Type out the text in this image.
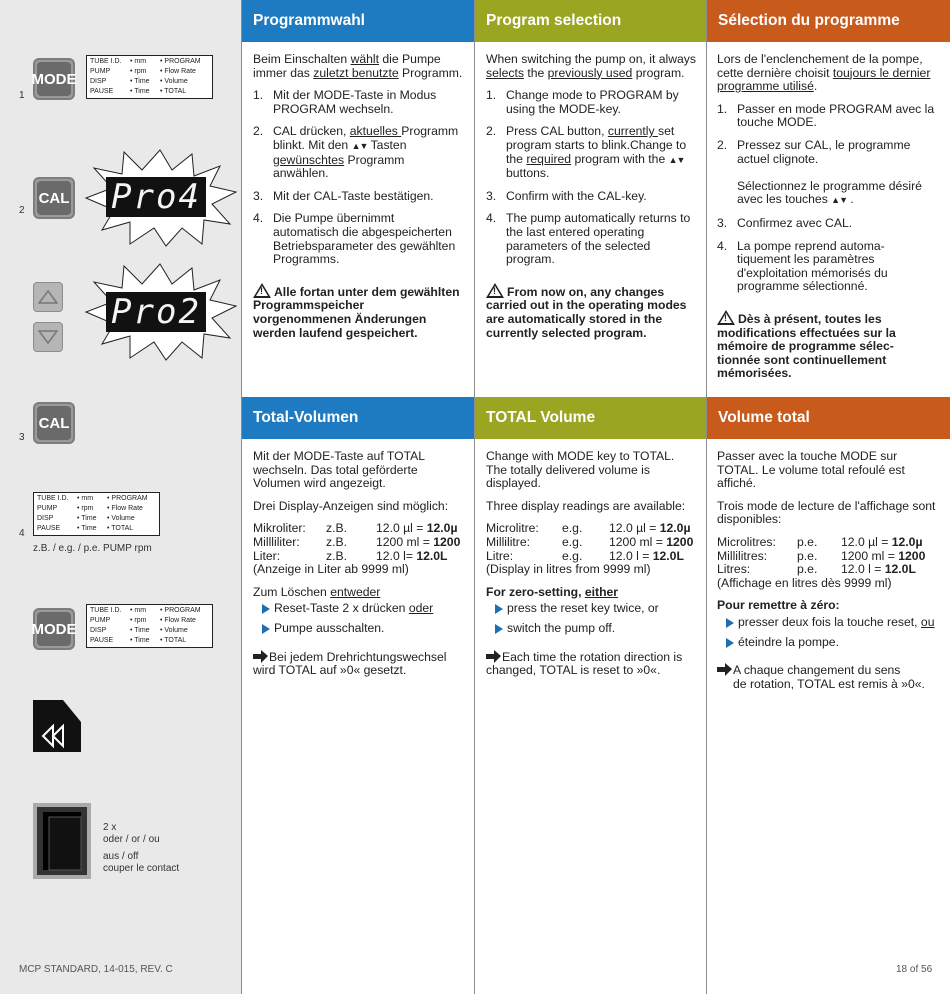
Programmwahl	Program selection	Sélection du programme
Total-Volumen	TOTAL Volume	Volume total
1
MODE
TUBE I.D.	• mm	• PROGRAM
PUMP	• rpm	• Flow Rate
DISP	• Time	• Volume
PAUSE	• Time	• TOTAL
2
CAL Pro4
Pro2
3
CAL
4
TUBE I.D.	• mm	• PROGRAM
PUMP	• rpm	• Flow Rate
DISP	• Time	• Volume
PAUSE	• Time	• TOTAL
z.B. / e.g. / p.e. PUMP rpm
MODE
TUBE I.D.	• mm	• PROGRAM
PUMP	• rpm	• Flow Rate
DISP	• Time	• Volume
PAUSE	• Time	• TOTAL
2 x
oder / or / ou
aus / off
couper le contact
MCP STANDARD, 14-015, REV. C	18 of 56

Beim Einschalten wählt die Pumpe immer das zuletzt benutzte Programm.

1. Mit der MODE-Taste in Modus PROGRAM wechseln.
2. CAL drücken, aktuelles Programm blinkt. Mit den ▲▼ Tasten gewünschtes Programm anwählen.
3. Mit der CAL-Taste bestätigen.
4. Die Pumpe übernimmt automatisch die abgespeicherten Betriebsparameter des gewählten Programms.

!Alle fortan unter dem gewählten Programmspeicher vorgenommenen Änderungen werden laufend gespeichert.

When switching the pump on, it always selects the previously used program.

1. Change mode to PROGRAM by using the MODE-key.
2. Press CAL button, currently set program starts to blink.Change to the required program with the ▲▼ buttons.
3. Confirm with the CAL-key.
4. The pump automatically returns to the last entered operating parameters of the selected program.

!From now on, any changes carried out in the operating modes are automatically stored in the currently selected program.

Lors de l'enclenchement de la pompe, cette dernière choisit toujours le dernier programme utilisé.

1. Passer en mode PROGRAM avec la touche MODE.
2. Pressez sur CAL, le programme actuel clignote.

Sélectionnez le programme désiré avec les touches ▲▼ .
3. Confirmez avec CAL.
4. La pompe reprend automa-tiquement les paramètres d'exploitation mémorisés du programme sélectionné.

!Dès à présent, toutes les modifications effectuées sur la mémoire de programme sélec-tionnée sont continuellement mémorisées.

Mit der MODE-Taste auf TOTAL wechseln. Das total geförderte Volumen wird angezeigt.

Drei Display-Anzeigen sind möglich:

Mikroliter:	z.B.	12.0 µl = 12.0µ
Millliliter:	z.B.	1200 ml = 1200
Liter:	z.B.	12.0 l= 12.0L

(Anzeige in Liter ab 9999 ml)

Zum Löschen entweder

Reset-Taste 2 x drücken oder
Pumpe ausschalten.

Bei jedem Drehrichtungswechsel wird TOTAL auf »0« gesetzt.

Change with MODE key to TOTAL. The totally delivered volume is displayed.

Three display readings are available:

Microlitre:	e.g.	12.0 µl = 12.0µ
Millilitre:	e.g.	1200 ml = 1200
Litre:	e.g.	12.0 l = 12.0L

(Display in litres from 9999 ml)

For zero-setting, either

press the reset key twice, or
switch the pump off.

Each time the rotation direction is changed, TOTAL is reset to »0«.

Passer avec la touche MODE sur TOTAL. Le volume total refoulé est affiché.

Trois mode de lecture de l'affichage sont disponibles:

Microlitres:	p.e.	12.0 µl = 12.0µ
Millilitres:	p.e.	1200 ml = 1200
Litres:	p.e.	12.0 l = 12.0L

(Affichage en litres dès 9999 ml)

Pour remettre à zéro:

presser deux fois la touche reset, ou
éteindre la pompe.

A chaque changement du sens
de rotation, TOTAL est remis à »0«.
